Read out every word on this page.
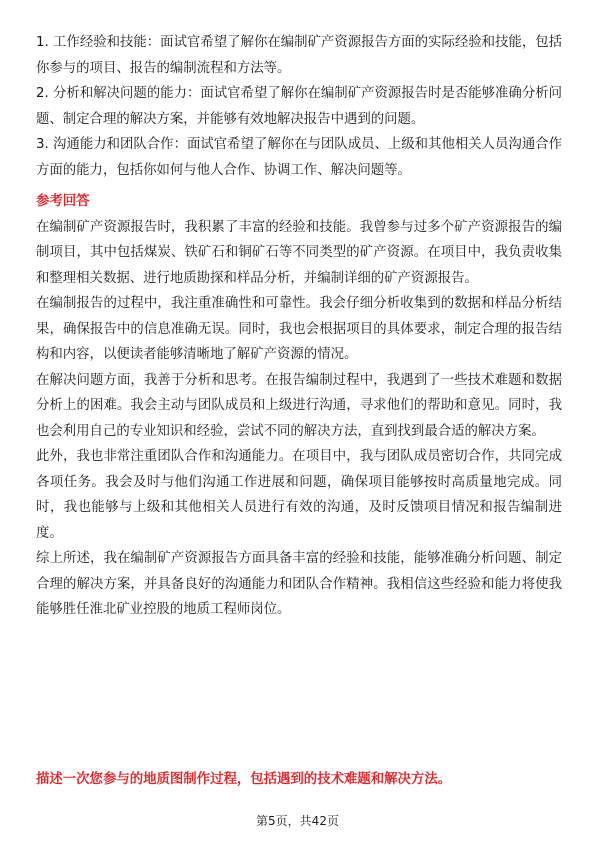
1. 工作经验和技能：面试官希望了解你在编制矿产资源报告方面的实际经验和技能，包括你参与的项目、报告的编制流程和方法等。

2. 分析和解决问题的能力：面试官希望了解你在编制矿产资源报告时是否能够准确分析问题、制定合理的解决方案，并能够有效地解决报告中遇到的问题。

3. 沟通能力和团队合作：面试官希望了解你在与团队成员、上级和其他相关人员沟通合作方面的能力，包括你如何与他人合作、协调工作、解决问题等。

参考回答

在编制矿产资源报告时，我积累了丰富的经验和技能。我曾参与过多个矿产资源报告的编制项目，其中包括煤炭、铁矿石和铜矿石等不同类型的矿产资源。在项目中，我负责收集和整理相关数据、进行地质勘探和样品分析，并编制详细的矿产资源报告。

在编制报告的过程中，我注重准确性和可靠性。我会仔细分析收集到的数据和样品分析结果，确保报告中的信息准确无误。同时，我也会根据项目的具体要求，制定合理的报告结构和内容，以便读者能够清晰地了解矿产资源的情况。

在解决问题方面，我善于分析和思考。在报告编制过程中，我遇到了一些技术难题和数据分析上的困难。我会主动与团队成员和上级进行沟通，寻求他们的帮助和意见。同时，我也会利用自己的专业知识和经验，尝试不同的解决方法，直到找到最合适的解决方案。

此外，我也非常注重团队合作和沟通能力。在项目中，我与团队成员密切合作，共同完成各项任务。我会及时与他们沟通工作进展和问题，确保项目能够按时高质量地完成。同时，我也能够与上级和其他相关人员进行有效的沟通，及时反馈项目情况和报告编制进度。

综上所述，我在编制矿产资源报告方面具备丰富的经验和技能，能够准确分析问题、制定合理的解决方案，并具备良好的沟通能力和团队合作精神。我相信这些经验和能力将使我能够胜任淮北矿业控股的地质工程师岗位。

描述一次您参与的地质图制作过程，包括遇到的技术难题和解决方法。

第5页，共42页
